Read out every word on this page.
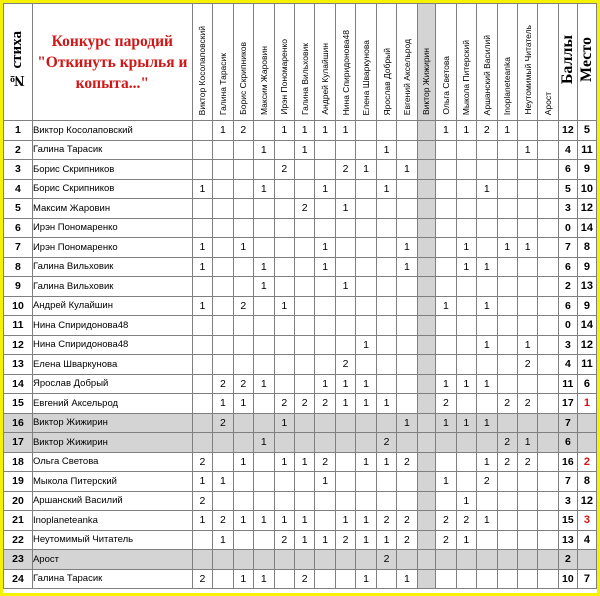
№ стиха	Конкурс пародий "Откинуть крылья и копыта..."	Виктор Косолаповский	Галина Тарасик	Борис Скрипников	Максим Жаровин	Ирэн Пономаренко	Галина Вильховик	Андрей Кулайшин	Нина Спиридонова48	Елена Шваркунова	Ярослав Добрый	Евгений Аксельрод	Виктор Жижирин	Ольга Светова	Мыкола Питерский	Аршанский Василий	Inoplaneteanka	Неутомимый Читатель	Арост	Баллы	Место
1	Виктор Косолаповский		1	2		1	1	1	1					1	1	2	1			12	5
2	Галина Тарасик				1		1				1							1		4	11
3	Борис Скрипников					2			2	1		1								6	9
4	Борис Скрипников	1			1			1			1					1				5	10
5	Максим Жаровин						2		1											3	12
6	Ирэн Пономаренко																			0	14
7	Ирэн Пономаренко	1		1				1				1			1		1	1		7	8
8	Галина Вильховик	1			1			1				1			1	1				6	9
9	Галина Вильховик				1				1											2	13
10	Андрей Кулайшин	1		2		1								1		1				6	9
11	Нина Спиридонова48																			0	14
12	Нина Спиридонова48									1						1		1		3	12
13	Елена Шваркунова								2									2		4	11
14	Ярослав Добрый		2	2	1			1	1	1				1	1	1				11	6
15	Евгений Аксельрод		1	1		2	2	2	1	1	1			2			2	2		17	1
16	Виктор Жижирин		2			1						1		1	1	1				7	
17	Виктор Жижирин				1						2						2	1		6	
18	Ольга Светова	2		1		1	1	2		1	1	2				1	2	2		16	2
19	Мыкола Питерский	1	1					1						1		2				7	8
20	Аршанский Василий	2													1					3	12
21	Inoplaneteanka	1	2	1	1	1	1		1	1	2	2		2	2	1				15	3
22	Неутомимый Читатель		1			2	1	1	2	1	1	2		2	1					13	4
23	Арост										2									2	
24	Галина Тарасик	2		1	1		2			1		1								10	7
